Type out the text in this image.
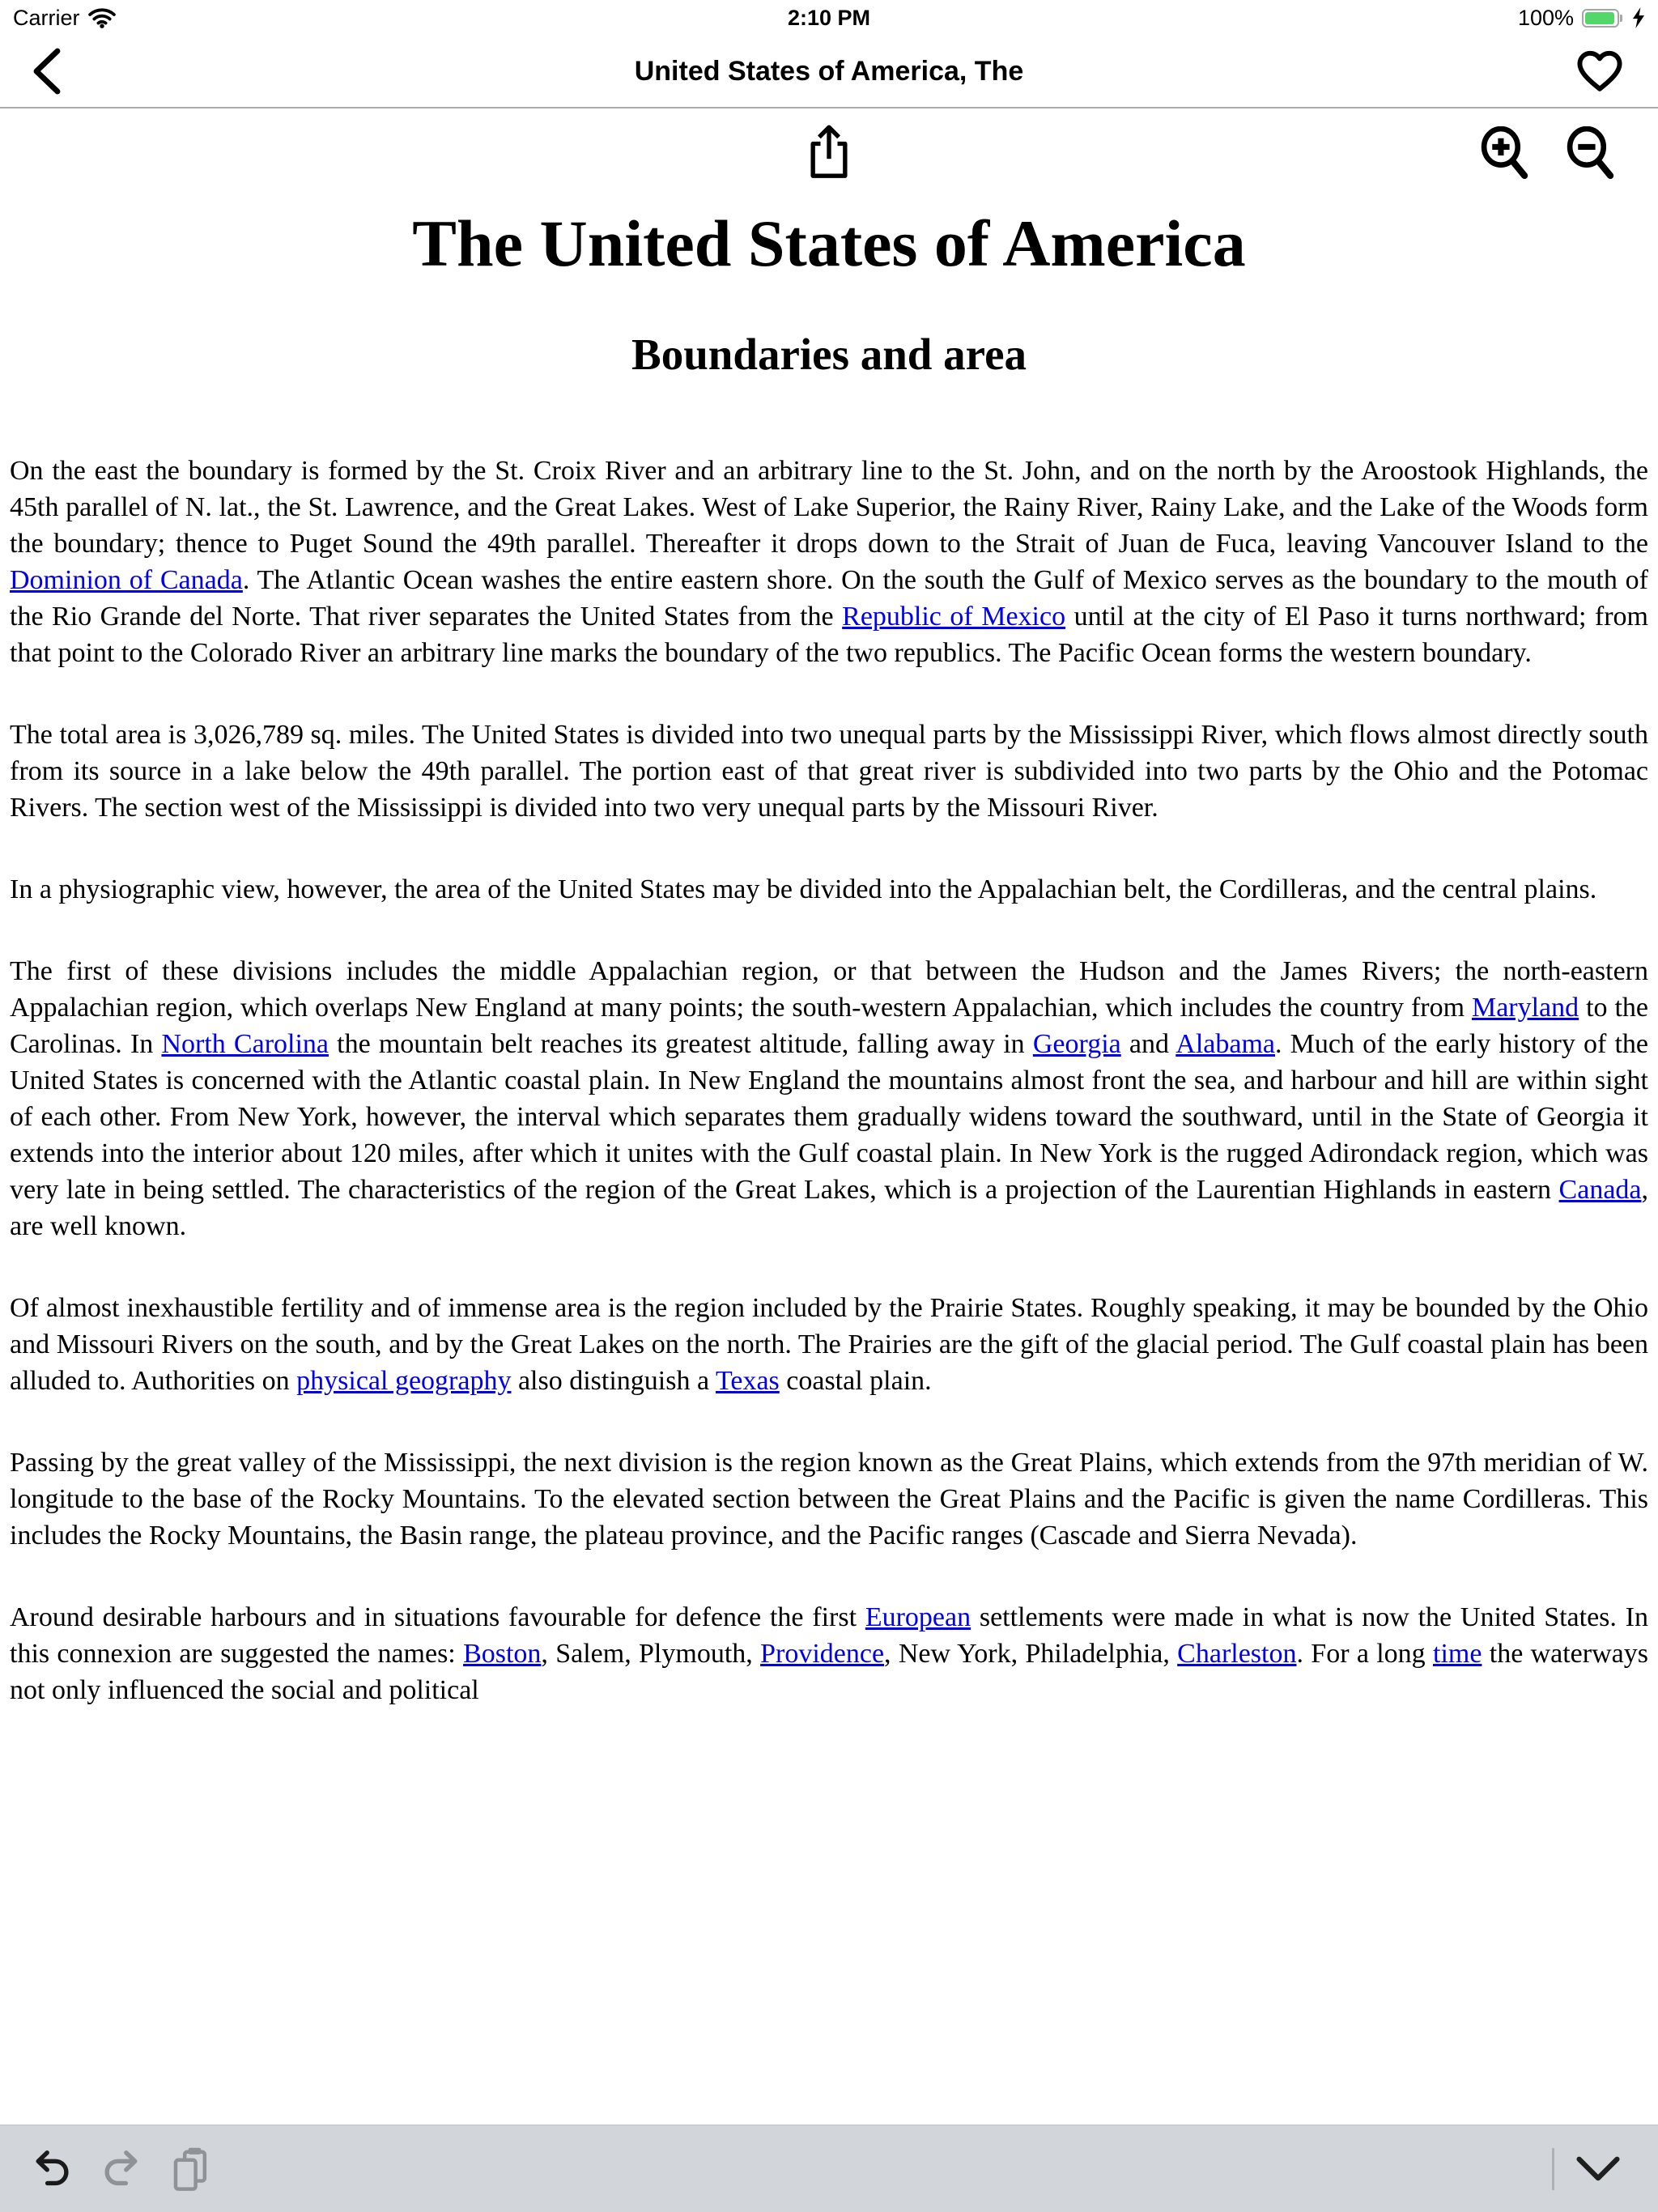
Carrier	2:10 PM	100%
United States of America, The
The United States of America
Boundaries and area

On the east the boundary is formed by the St. Croix River and an arbitrary line to the St. John, and on the north by the Aroostook Highlands, the 45th parallel of N. lat., the St. Lawrence, and the Great Lakes. West of Lake Superior, the Rainy River, Rainy Lake, and the Lake of the Woods form the boundary; thence to Puget Sound the 49th parallel. Thereafter it drops down to the Strait of Juan de Fuca, leaving Vancouver Island to the Dominion of Canada. The Atlantic Ocean washes the entire eastern shore. On the south the Gulf of Mexico serves as the boundary to the mouth of the Rio Grande del Norte. That river separates the United States from the Republic of Mexico until at the city of El Paso it turns northward; from that point to the Colorado River an arbitrary line marks the boundary of the two republics. The Pacific Ocean forms the western boundary.

The total area is 3,026,789 sq. miles. The United States is divided into two unequal parts by the Mississippi River, which flows almost directly south from its source in a lake below the 49th parallel. The portion east of that great river is subdivided into two parts by the Ohio and the Potomac Rivers. The section west of the Mississippi is divided into two very unequal parts by the Missouri River.

In a physiographic view, however, the area of the United States may be divided into the Appalachian belt, the Cordilleras, and the central plains.

The first of these divisions includes the middle Appalachian region, or that between the Hudson and the James Rivers; the north-eastern Appalachian region, which overlaps New England at many points; the south-western Appalachian, which includes the country from Maryland to the Carolinas. In North Carolina the mountain belt reaches its greatest altitude, falling away in Georgia and Alabama. Much of the early history of the United States is concerned with the Atlantic coastal plain. In New England the mountains almost front the sea, and harbour and hill are within sight of each other. From New York, however, the interval which separates them gradually widens toward the southward, until in the State of Georgia it extends into the interior about 120 miles, after which it unites with the Gulf coastal plain. In New York is the rugged Adirondack region, which was very late in being settled. The characteristics of the region of the Great Lakes, which is a projection of the Laurentian Highlands in eastern Canada, are well known.

Of almost inexhaustible fertility and of immense area is the region included by the Prairie States. Roughly speaking, it may be bounded by the Ohio and Missouri Rivers on the south, and by the Great Lakes on the north. The Prairies are the gift of the glacial period. The Gulf coastal plain has been alluded to. Authorities on physical geography also distinguish a Texas coastal plain.

Passing by the great valley of the Mississippi, the next division is the region known as the Great Plains, which extends from the 97th meridian of W. longitude to the base of the Rocky Mountains. To the elevated section between the Great Plains and the Pacific is given the name Cordilleras. This includes the Rocky Mountains, the Basin range, the plateau province, and the Pacific ranges (Cascade and Sierra Nevada).

Around desirable harbours and in situations favourable for defence the first European settlements were made in what is now the United States. In this connexion are suggested the names: Boston, Salem, Plymouth, Providence, New York, Philadelphia, Charleston. For a long time the waterways not only influenced the social and political
